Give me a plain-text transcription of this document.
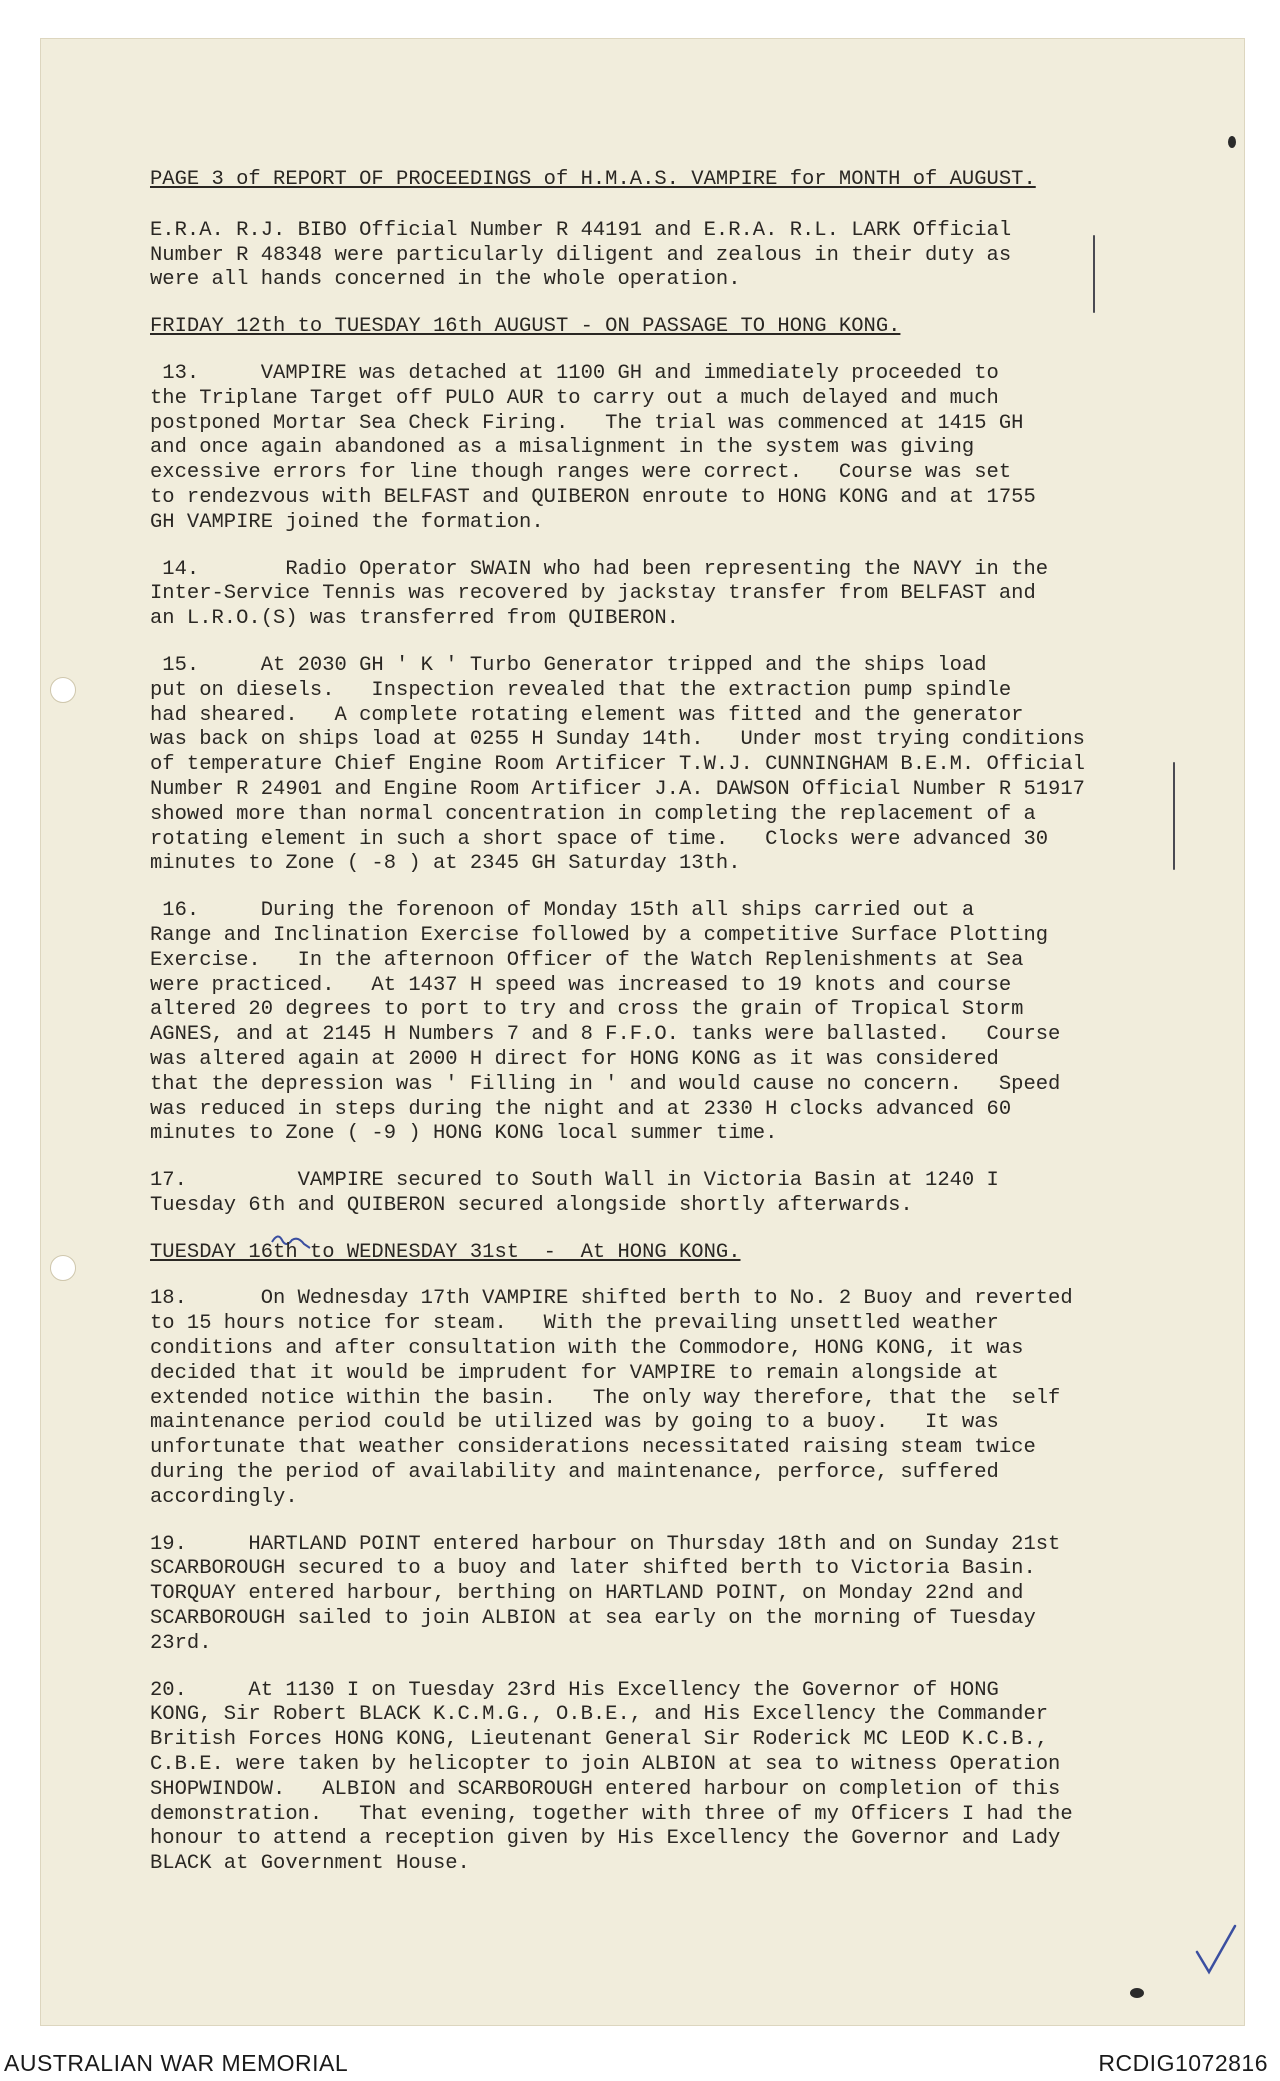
PAGE 3 of REPORT OF PROCEEDINGS of H.M.A.S. VAMPIRE for MONTH of AUGUST.
E.R.A. R.J. BIBO Official Number R 44191 and E.R.A. R.L. LARK Official
Number R 48348 were particularly diligent and zealous in their duty as
were all hands concerned in the whole operation.
FRIDAY 12th to TUESDAY 16th AUGUST - ON PASSAGE TO HONG KONG.
13.     VAMPIRE was detached at 1100 GH and immediately proceeded to
the Triplane Target off PULO AUR to carry out a much delayed and much
postponed Mortar Sea Check Firing.   The trial was commenced at 1415 GH
and once again abandoned as a misalignment in the system was giving
excessive errors for line though ranges were correct.   Course was set
to rendezvous with BELFAST and QUIBERON enroute to HONG KONG and at 1755
GH VAMPIRE joined the formation.
14.       Radio Operator SWAIN who had been representing the NAVY in the
Inter-Service Tennis was recovered by jackstay transfer from BELFAST and
an L.R.O.(S) was transferred from QUIBERON.
15.     At 2030 GH ' K ' Turbo Generator tripped and the ships load
put on diesels.   Inspection revealed that the extraction pump spindle
had sheared.   A complete rotating element was fitted and the generator
was back on ships load at 0255 H Sunday 14th.   Under most trying conditions
of temperature Chief Engine Room Artificer T.W.J. CUNNINGHAM B.E.M. Official
Number R 24901 and Engine Room Artificer J.A. DAWSON Official Number R 51917
showed more than normal concentration in completing the replacement of a
rotating element in such a short space of time.   Clocks were advanced 30
minutes to Zone ( -8 ) at 2345 GH Saturday 13th.
16.     During the forenoon of Monday 15th all ships carried out a
Range and Inclination Exercise followed by a competitive Surface Plotting
Exercise.   In the afternoon Officer of the Watch Replenishments at Sea
were practiced.   At 1437 H speed was increased to 19 knots and course
altered 20 degrees to port to try and cross the grain of Tropical Storm
AGNES, and at 2145 H Numbers 7 and 8 F.F.O. tanks were ballasted.   Course
was altered again at 2000 H direct for HONG KONG as it was considered
that the depression was ' Filling in ' and would cause no concern.   Speed
was reduced in steps during the night and at 2330 H clocks advanced 60
minutes to Zone ( -9 ) HONG KONG local summer time.
17.         VAMPIRE secured to South Wall in Victoria Basin at 1240 I
Tuesday 6th and QUIBERON secured alongside shortly afterwards.
TUESDAY 16th to WEDNESDAY 31st  -  At HONG KONG.
18.      On Wednesday 17th VAMPIRE shifted berth to No. 2 Buoy and reverted
to 15 hours notice for steam.   With the prevailing unsettled weather
conditions and after consultation with the Commodore, HONG KONG, it was
decided that it would be imprudent for VAMPIRE to remain alongside at
extended notice within the basin.   The only way therefore, that the  self
maintenance period could be utilized was by going to a buoy.   It was
unfortunate that weather considerations necessitated raising steam twice
during the period of availability and maintenance, perforce, suffered
accordingly.
19.     HARTLAND POINT entered harbour on Thursday 18th and on Sunday 21st
SCARBOROUGH secured to a buoy and later shifted berth to Victoria Basin.
TORQUAY entered harbour, berthing on HARTLAND POINT, on Monday 22nd and
SCARBOROUGH sailed to join ALBION at sea early on the morning of Tuesday
23rd.
20.     At 1130 I on Tuesday 23rd His Excellency the Governor of HONG
KONG, Sir Robert BLACK K.C.M.G., O.B.E., and His Excellency the Commander
British Forces HONG KONG, Lieutenant General Sir Roderick MC LEOD K.C.B.,
C.B.E. were taken by helicopter to join ALBION at sea to witness Operation
SHOPWINDOW.   ALBION and SCARBOROUGH entered harbour on completion of this
demonstration.   That evening, together with three of my Officers I had the
honour to attend a reception given by His Excellency the Governor and Lady
BLACK at Government House.
AUSTRALIAN WAR MEMORIAL	RCDIG1072816
